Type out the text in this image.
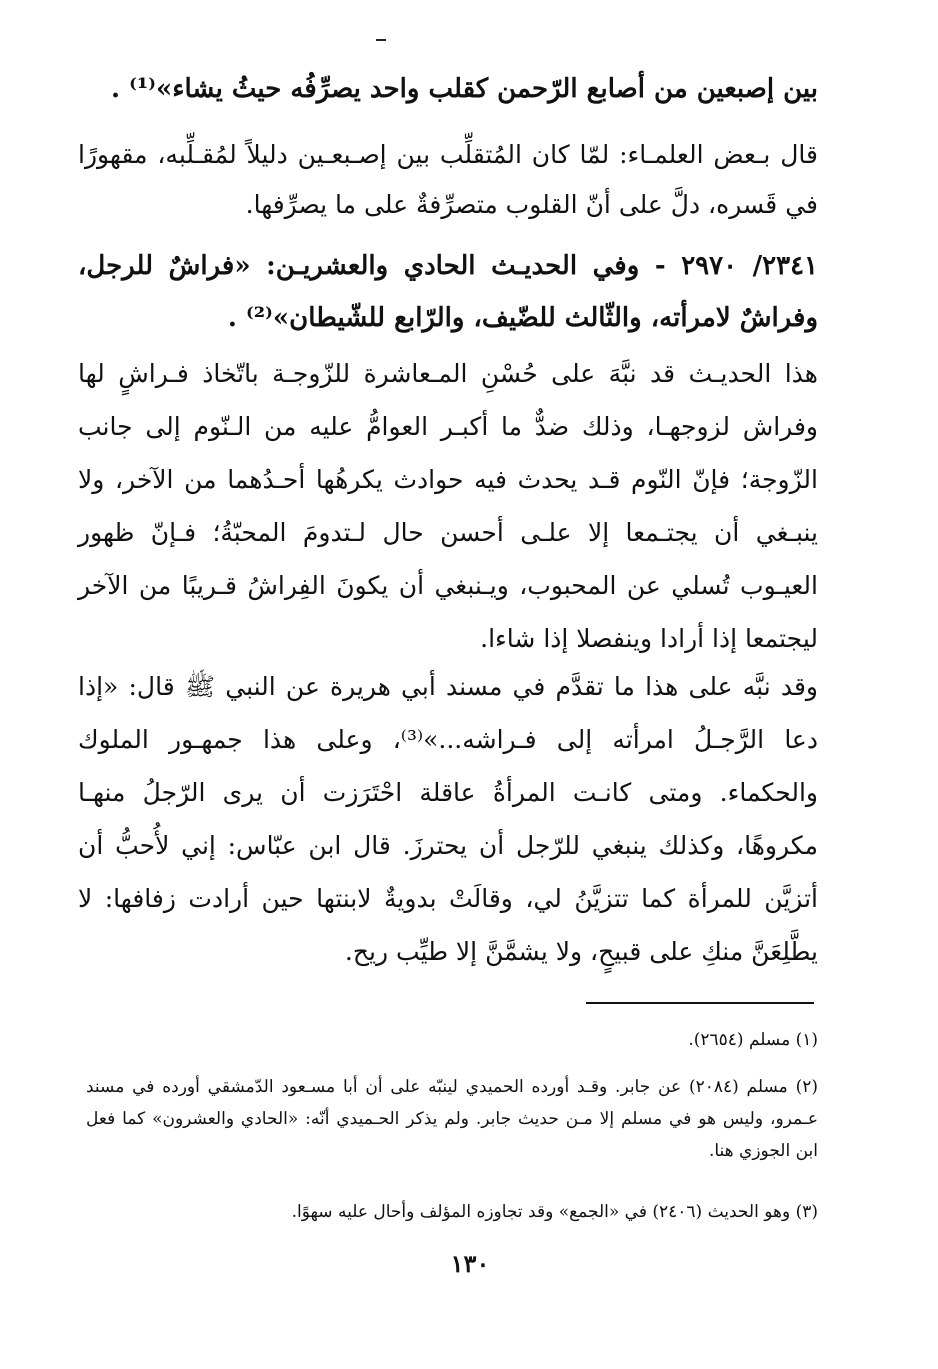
بين إصبعين من أصابع الرّحمن كقلب واحد يصرِّفُه حيثُ يشاء»⁽¹⁾ .

قال بـعض العلمـاء: لمّا كان المُتقلِّب بين إصـبعـين دليلاً لمُقـلِّبه، مقهورًا في قَسره، دلَّ على أنّ القلوب متصرِّفةٌ على ما يصرِّفها.

٢٣٤١/ ٢٩٧٠ - وفي الحديـث الحادي والعشريـن: «فراشٌ للرجل، وفراشٌ لامرأته، والثّالث للضّيف، والرّابع للشّيطان»⁽²⁾ .

هذا الحديـث قد نبَّهَ على حُسْنِ المـعاشرة للزّوجـة باتّخاذ فـراشٍ لها وفراش لزوجهـا، وذلك ضدٌّ ما أكبـر العوامُّ عليه من الـنّوم إلى جانب الزّوجة؛ فإنّ النّوم قـد يحدث فيه حوادث يكرهُها أحـدُهما من الآخر، ولا ينبـغي أن يجتـمعا إلا علـى أحسن حال لـتدومَ المحبّةُ؛ فـإنّ ظهور العيـوب تُسلي عن المحبوب، ويـنبغي أن يكونَ الفِراشُ قـريبًا من الآخر ليجتمعا إذا أرادا وينفصلا إذا شاءا.

وقد نبَّه على هذا ما تقدَّم في مسند أبي هريرة عن النبي ﷺ قال: «إذا دعا الرَّجـلُ امرأته إلى فـراشه...»⁽³⁾، وعلى هذا جمهـور الملوك والحكماء. ومتى كانـت المرأةُ عاقلة احْتَرَزت أن يرى الرّجلُ منهـا مكروهًا، وكذلك ينبغي للرّجل أن يحترزَ. قال ابن عبّاس: إني لأُحبُّ أن أتزيَّن للمرأة كما تتزيَّنُ لي، وقالَتْ بدويةٌ لابنتها حين أرادت زفافها: لا يطَّلِعَنَّ منكِ على قبيحٍ، ولا يشمَّنَّ إلا طيِّب ريح.

(١) مسلم (٢٦٥٤).

(٢) مسلم (٢٠٨٤) عن جابر. وقـد أورده الحميدي لينبّه على أن أبا مسـعود الدّمشقي أورده في مسند عـمرو، وليس هو في مسلم إلا مـن حديث جابر. ولم يذكر الحـميدي أنّه: «الحادي والعشرون» كما فعل ابن الجوزي هنا.

(٣) وهو الحديث (٢٤٠٦) في «الجمع» وقد تجاوزه المؤلف وأحال عليه سهوًا.

١٣٠
